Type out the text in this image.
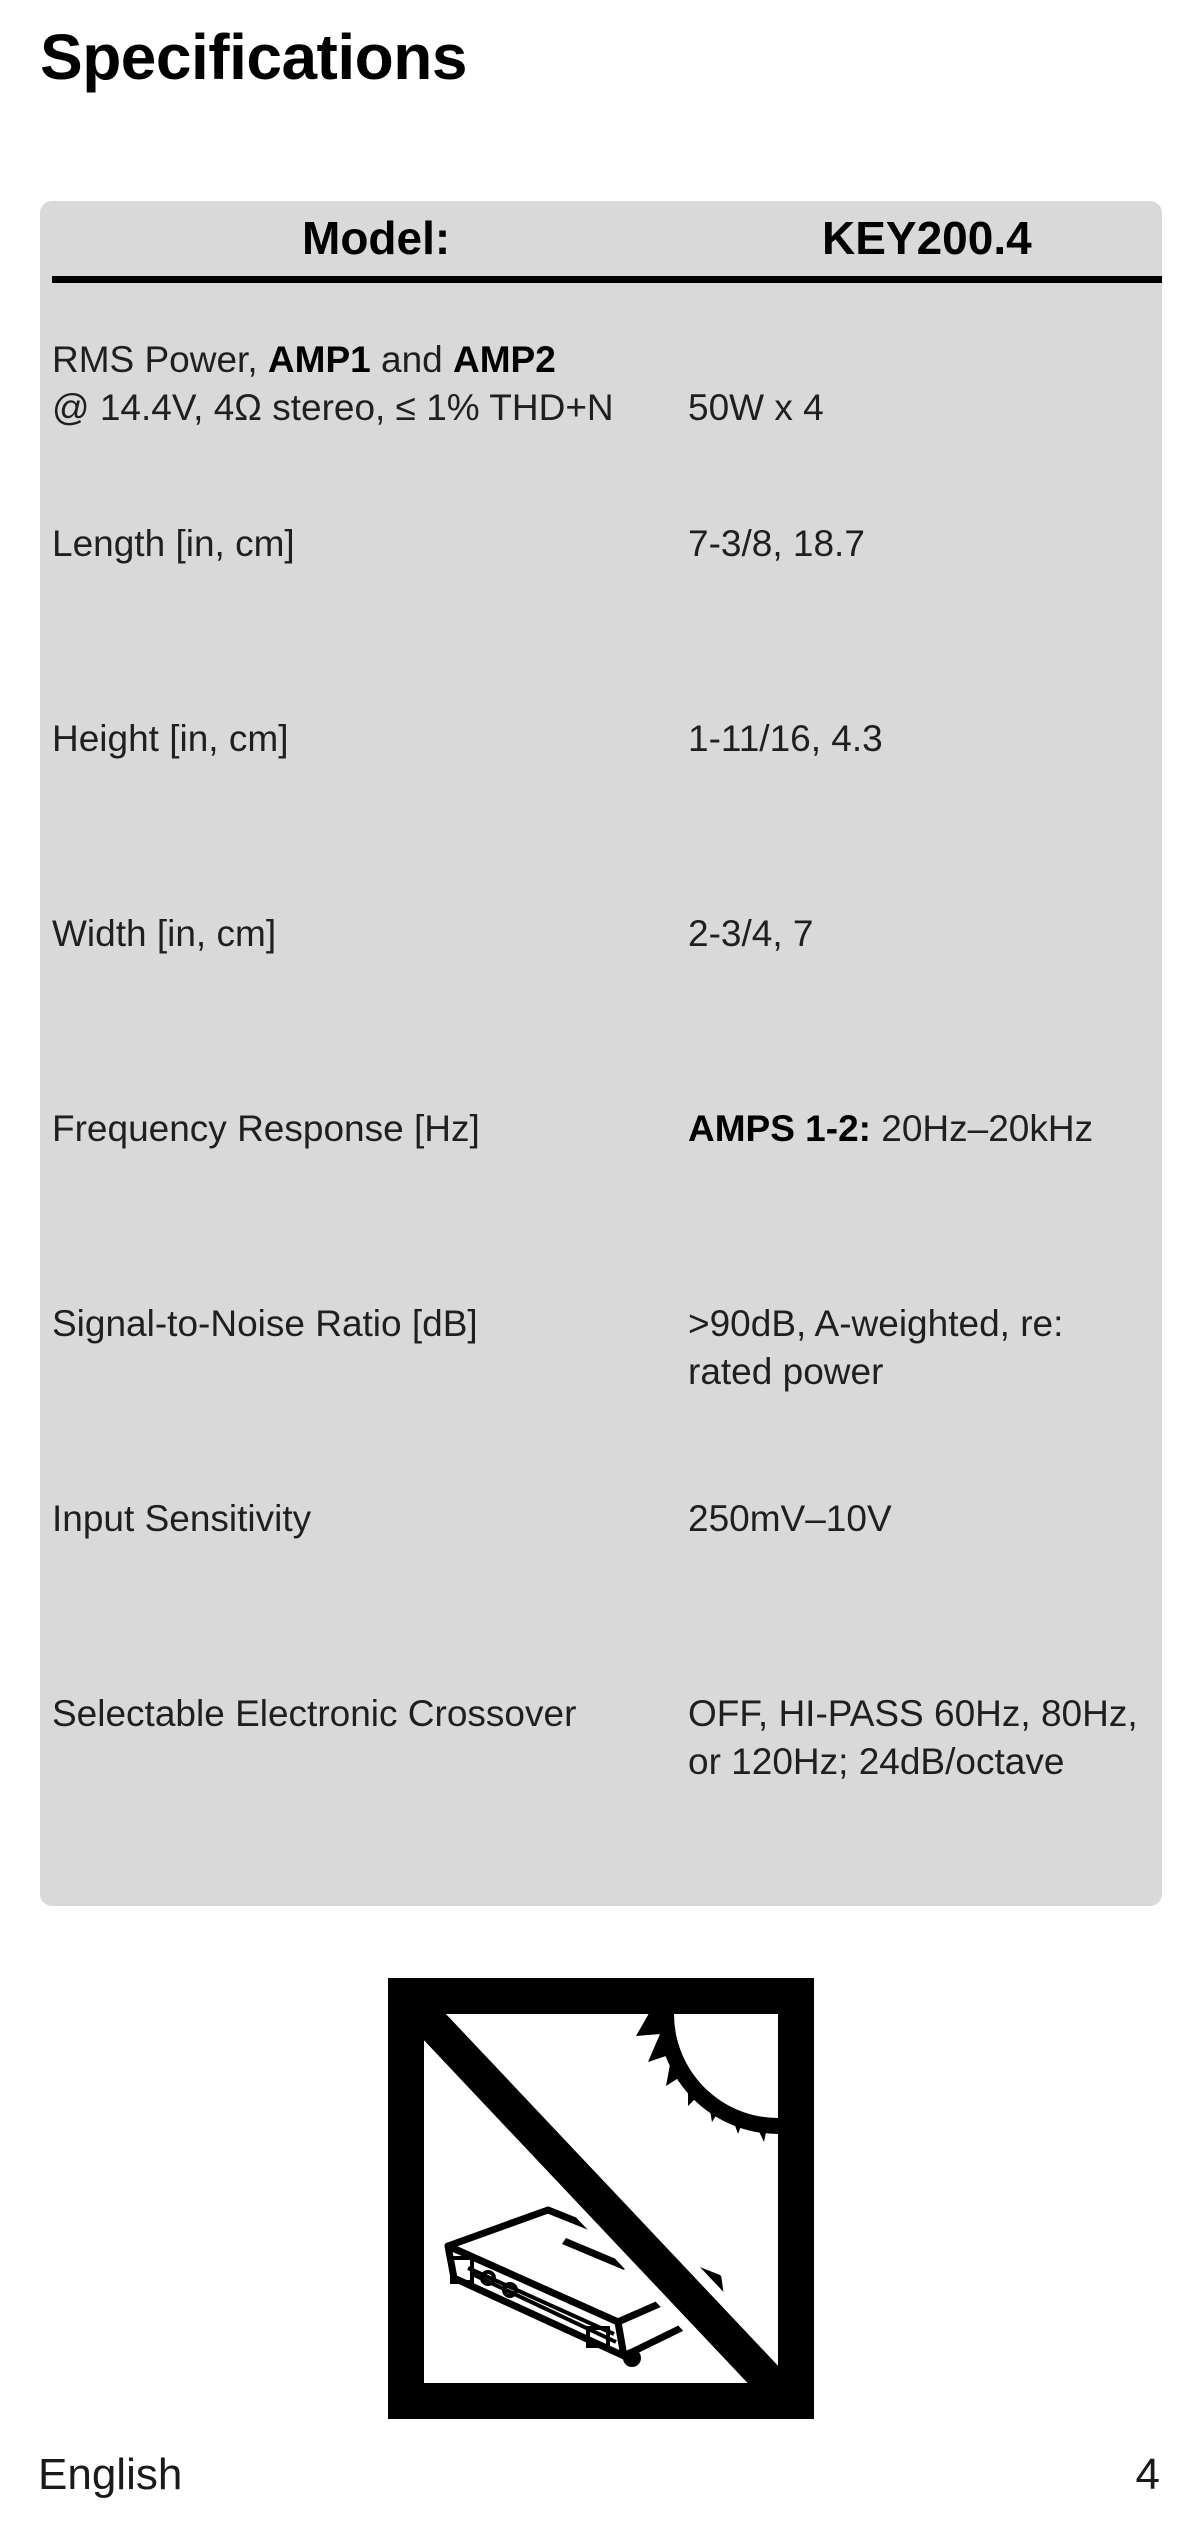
Specifications
Model:	KEY200.4
RMS Power, AMP1 and AMP2
@ 14.4V, 4Ω stereo, ≤ 1% THD+N	50W x 4
Length [in, cm]	7-3/8, 18.7
Height [in, cm]	1-11/16, 4.3
Width [in, cm]	2-3/4, 7
Frequency Response [Hz]	AMPS 1-2: 20Hz–20kHz
Signal-to-Noise Ratio [dB]	>90dB, A-weighted, re:
rated power
Input Sensitivity	250mV–10V
Selectable Electronic Crossover	OFF, HI-PASS 60Hz, 80Hz,
or 120Hz; 24dB/octave
English	4
